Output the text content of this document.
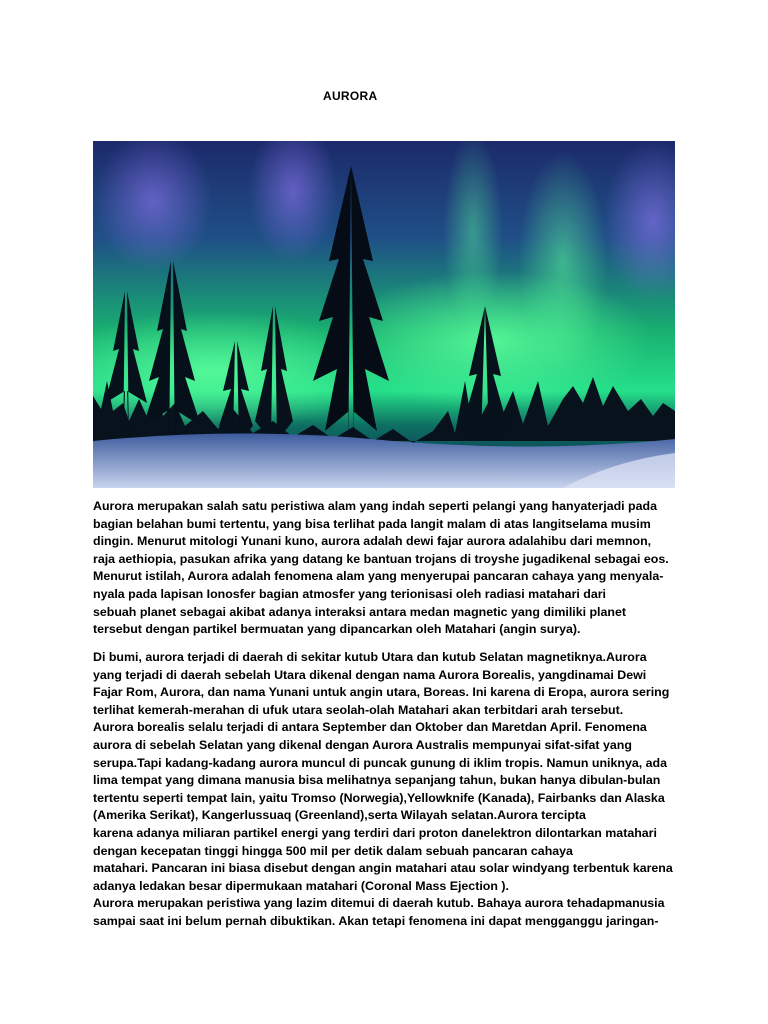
AURORA

Aurora merupakan salah satu peristiwa alam yang indah seperti pelangi yang hanyaterjadi pada
bagian belahan bumi tertentu, yang bisa terlihat pada langit malam di atas langitselama musim
dingin. Menurut mitologi Yunani kuno, aurora adalah dewi fajar aurora adalahibu dari memnon,
raja aethiopia, pasukan afrika yang datang ke bantuan trojans di troyshe jugadikenal sebagai eos.
Menurut istilah, Aurora adalah fenomena alam yang menyerupai pancaran cahaya yang menyala-
nyala pada lapisan Ionosfer bagian atmosfer yang terionisasi oleh radiasi matahari dari
sebuah planet sebagai akibat adanya interaksi antara medan magnetic yang dimiliki planet
tersebut dengan partikel bermuatan yang dipancarkan oleh Matahari (angin surya).

Di bumi, aurora terjadi di daerah di sekitar kutub Utara dan kutub Selatan magnetiknya.Aurora
yang terjadi di daerah sebelah Utara dikenal dengan nama Aurora Borealis, yangdinamai Dewi
Fajar Rom, Aurora, dan nama Yunani untuk angin utara, Boreas. Ini karena di Eropa, aurora sering
terlihat kemerah-merahan di ufuk utara seolah-olah Matahari akan terbitdari arah tersebut.
Aurora borealis selalu terjadi di antara September dan Oktober dan Maretdan April. Fenomena
aurora di sebelah Selatan yang dikenal dengan Aurora Australis mempunyai sifat-sifat yang
serupa.Tapi kadang-kadang aurora muncul di puncak gunung di iklim tropis. Namun uniknya, ada
lima tempat yang dimana manusia bisa melihatnya sepanjang tahun, bukan hanya dibulan-bulan
tertentu seperti tempat lain, yaitu Tromso (Norwegia),Yellowknife (Kanada), Fairbanks dan Alaska
(Amerika Serikat), Kangerlussuaq (Greenland),serta Wilayah selatan.Aurora tercipta
karena adanya miliaran partikel energi yang terdiri dari proton danelektron dilontarkan matahari
dengan kecepatan tinggi hingga 500 mil per detik dalam sebuah pancaran cahaya
matahari. Pancaran ini biasa disebut dengan angin matahari atau solar windyang terbentuk karena
adanya ledakan besar dipermukaan matahari (Coronal Mass Ejection ).
Aurora merupakan peristiwa yang lazim ditemui di daerah kutub. Bahaya aurora tehadapmanusia
sampai saat ini belum pernah dibuktikan. Akan tetapi fenomena ini dapat mengganggu jaringan-
